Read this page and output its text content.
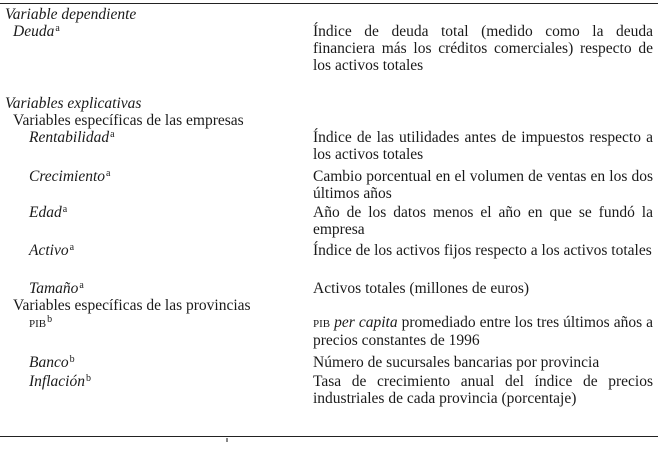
Variable dependiente
Deuda$^a$	Índice de deuda total (medido como la deuda financiera más los créditos comerciales) respecto de los activos totales
Variables explicativas
Variables específicas de las empresas
Rentabilidad$^a$	Índice de las utilidades antes de impuestos respecto a los activos totales
Crecimiento$^a$	Cambio porcentual en el volumen de ventas en los dos últimos años
Edad$^a$	Año de los datos menos el año en que se fundó la empresa
Activo$^a$	Índice de los activos fijos respecto a los activos totales
Tamaño$^a$	Activos totales (millones de euros)
Variables específicas de las provincias
pib$^b$	pib per capita promediado entre los tres últimos años a precios constantes de 1996
Banco$^b$	Número de sucursales bancarias por provincia
Inflación$^b$	Tasa de crecimiento anual del índice de precios industriales de cada provincia (porcentaje)
